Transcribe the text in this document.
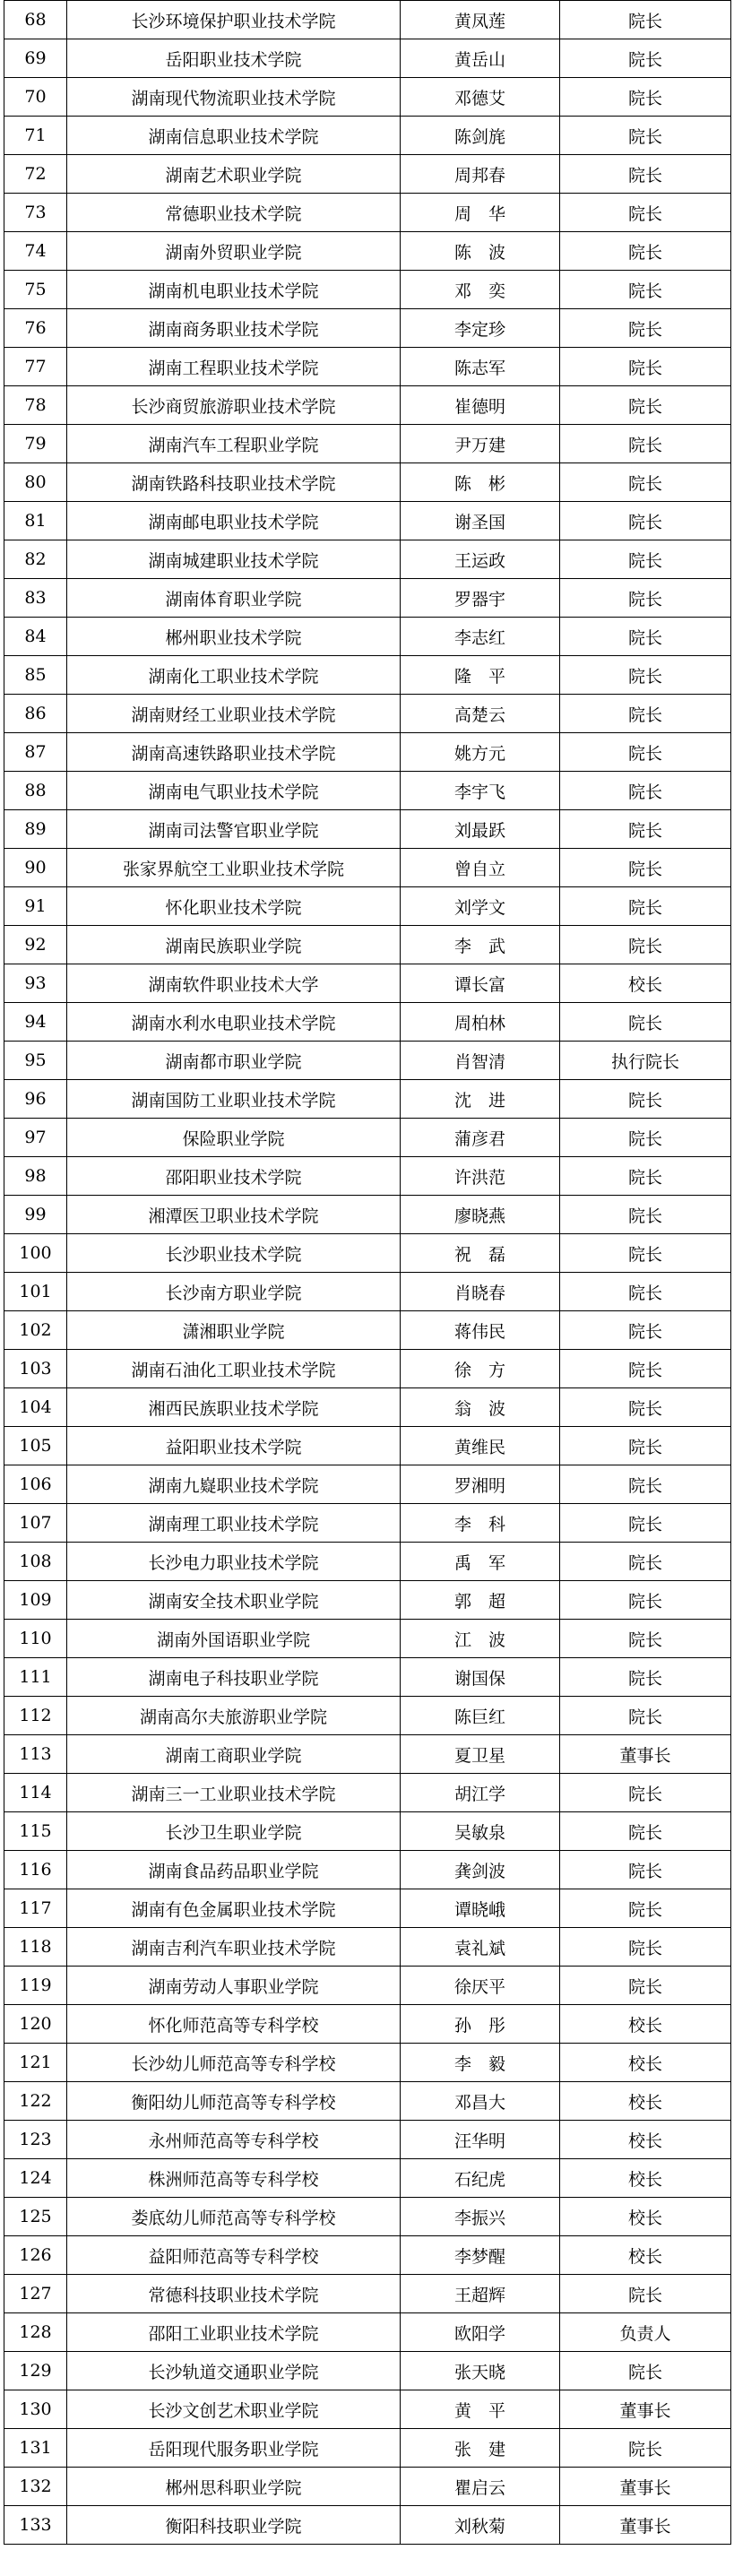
68	长沙环境保护职业技术学院	黄凤莲	院长
69	岳阳职业技术学院	黄岳山	院长
70	湖南现代物流职业技术学院	邓德艾	院长
71	湖南信息职业技术学院	陈剑旄	院长
72	湖南艺术职业学院	周邦春	院长
73	常德职业技术学院	周　华	院长
74	湖南外贸职业学院	陈　波	院长
75	湖南机电职业技术学院	邓　奕	院长
76	湖南商务职业技术学院	李定珍	院长
77	湖南工程职业技术学院	陈志军	院长
78	长沙商贸旅游职业技术学院	崔德明	院长
79	湖南汽车工程职业学院	尹万建	院长
80	湖南铁路科技职业技术学院	陈　彬	院长
81	湖南邮电职业技术学院	谢圣国	院长
82	湖南城建职业技术学院	王运政	院长
83	湖南体育职业学院	罗器宇	院长
84	郴州职业技术学院	李志红	院长
85	湖南化工职业技术学院	隆　平	院长
86	湖南财经工业职业技术学院	高楚云	院长
87	湖南高速铁路职业技术学院	姚方元	院长
88	湖南电气职业技术学院	李宇飞	院长
89	湖南司法警官职业学院	刘最跃	院长
90	张家界航空工业职业技术学院	曾自立	院长
91	怀化职业技术学院	刘学文	院长
92	湖南民族职业学院	李　武	院长
93	湖南软件职业技术大学	谭长富	校长
94	湖南水利水电职业技术学院	周柏林	院长
95	湖南都市职业学院	肖智清	执行院长
96	湖南国防工业职业技术学院	沈　进	院长
97	保险职业学院	蒲彦君	院长
98	邵阳职业技术学院	许洪范	院长
99	湘潭医卫职业技术学院	廖晓燕	院长
100	长沙职业技术学院	祝　磊	院长
101	长沙南方职业学院	肖晓春	院长
102	潇湘职业学院	蒋伟民	院长
103	湖南石油化工职业技术学院	徐　方	院长
104	湘西民族职业技术学院	翁　波	院长
105	益阳职业技术学院	黄维民	院长
106	湖南九嶷职业技术学院	罗湘明	院长
107	湖南理工职业技术学院	李　科	院长
108	长沙电力职业技术学院	禹　军	院长
109	湖南安全技术职业学院	郭　超	院长
110	湖南外国语职业学院	江　波	院长
111	湖南电子科技职业学院	谢国保	院长
112	湖南高尔夫旅游职业学院	陈巨红	院长
113	湖南工商职业学院	夏卫星	董事长
114	湖南三一工业职业技术学院	胡江学	院长
115	长沙卫生职业学院	吴敏泉	院长
116	湖南食品药品职业学院	龚剑波	院长
117	湖南有色金属职业技术学院	谭晓峨	院长
118	湖南吉利汽车职业技术学院	袁礼斌	院长
119	湖南劳动人事职业学院	徐厌平	院长
120	怀化师范高等专科学校	孙　彤	校长
121	长沙幼儿师范高等专科学校	李　毅	校长
122	衡阳幼儿师范高等专科学校	邓昌大	校长
123	永州师范高等专科学校	汪华明	校长
124	株洲师范高等专科学校	石纪虎	校长
125	娄底幼儿师范高等专科学校	李振兴	校长
126	益阳师范高等专科学校	李梦醒	校长
127	常德科技职业技术学院	王超辉	院长
128	邵阳工业职业技术学院	欧阳学	负责人
129	长沙轨道交通职业学院	张天晓	院长
130	长沙文创艺术职业学院	黄　平	董事长
131	岳阳现代服务职业学院	张　建	院长
132	郴州思科职业学院	瞿启云	董事长
133	衡阳科技职业学院	刘秋菊	董事长
